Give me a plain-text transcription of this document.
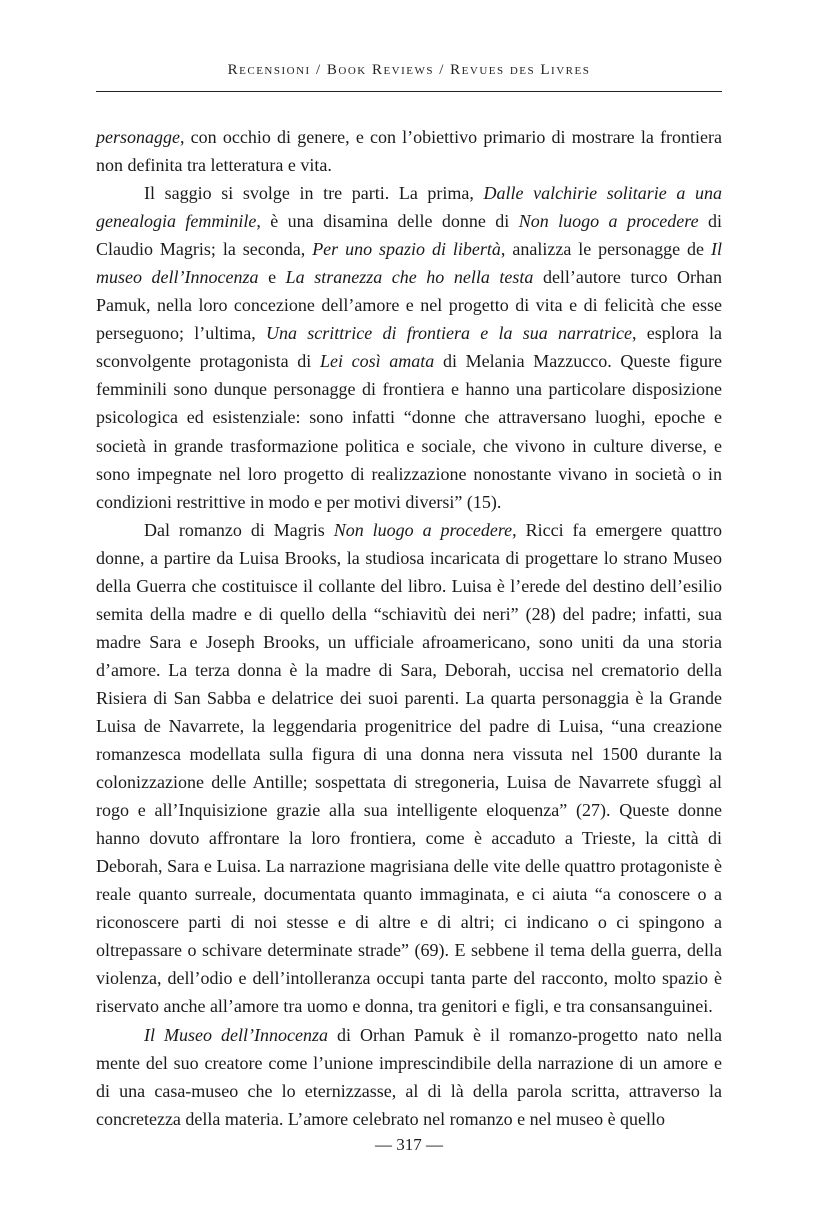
Recensioni / Book Reviews / Revues des Livres

personagge, con occhio di genere, e con l’obiettivo primario di mostrare la frontiera non definita tra letteratura e vita.

Il saggio si svolge in tre parti. La prima, Dalle valchirie solitarie a una genealogia femminile, è una disamina delle donne di Non luogo a procedere di Claudio Magris; la seconda, Per uno spazio di libertà, analizza le personagge de Il museo dell’Innocenza e La stranezza che ho nella testa dell’autore turco Orhan Pamuk, nella loro concezione dell’amore e nel progetto di vita e di felicità che esse perseguono; l’ultima, Una scrittrice di frontiera e la sua narratrice, esplora la sconvolgente protagonista di Lei così amata di Melania Mazzucco. Queste figure femminili sono dunque personagge di frontiera e hanno una particolare disposizione psicologica ed esistenziale: sono infatti “donne che attraversano luoghi, epoche e società in grande trasformazione politica e sociale, che vivono in culture diverse, e sono impegnate nel loro progetto di realizzazione nonostante vivano in società o in condizioni restrittive in modo e per motivi diversi” (15).

Dal romanzo di Magris Non luogo a procedere, Ricci fa emergere quattro donne, a partire da Luisa Brooks, la studiosa incaricata di progettare lo strano Museo della Guerra che costituisce il collante del libro. Luisa è l’erede del destino dell’esilio semita della madre e di quello della “schiavitù dei neri” (28) del padre; infatti, sua madre Sara e Joseph Brooks, un ufficiale afroamericano, sono uniti da una storia d’amore. La terza donna è la madre di Sara, Deborah, uccisa nel crematorio della Risiera di San Sabba e delatrice dei suoi parenti. La quarta personaggia è la Grande Luisa de Navarrete, la leggendaria progenitrice del padre di Luisa, “una creazione romanzesca modellata sulla figura di una donna nera vissuta nel 1500 durante la colonizzazione delle Antille; sospettata di stregoneria, Luisa de Navarrete sfuggì al rogo e all’Inquisizione grazie alla sua intelligente eloquenza” (27). Queste donne hanno dovuto affrontare la loro frontiera, come è accaduto a Trieste, la città di Deborah, Sara e Luisa. La narrazione magrisiana delle vite delle quattro protagoniste è reale quanto surreale, documentata quanto immaginata, e ci aiuta “a conoscere o a riconoscere parti di noi stesse e di altre e di altri; ci indicano o ci spingono a oltrepassare o schivare determinate strade” (69). E sebbene il tema della guerra, della violenza, dell’odio e dell’intolleranza occupi tanta parte del racconto, molto spazio è riservato anche all’amore tra uomo e donna, tra genitori e figli, e tra consansanguinei.

Il Museo dell’Innocenza di Orhan Pamuk è il romanzo-progetto nato nella mente del suo creatore come l’unione imprescindibile della narrazione di un amore e di una casa-museo che lo eternizzasse, al di là della parola scritta, attraverso la concretezza della materia. L’amore celebrato nel romanzo e nel museo è quello

— 317 —
